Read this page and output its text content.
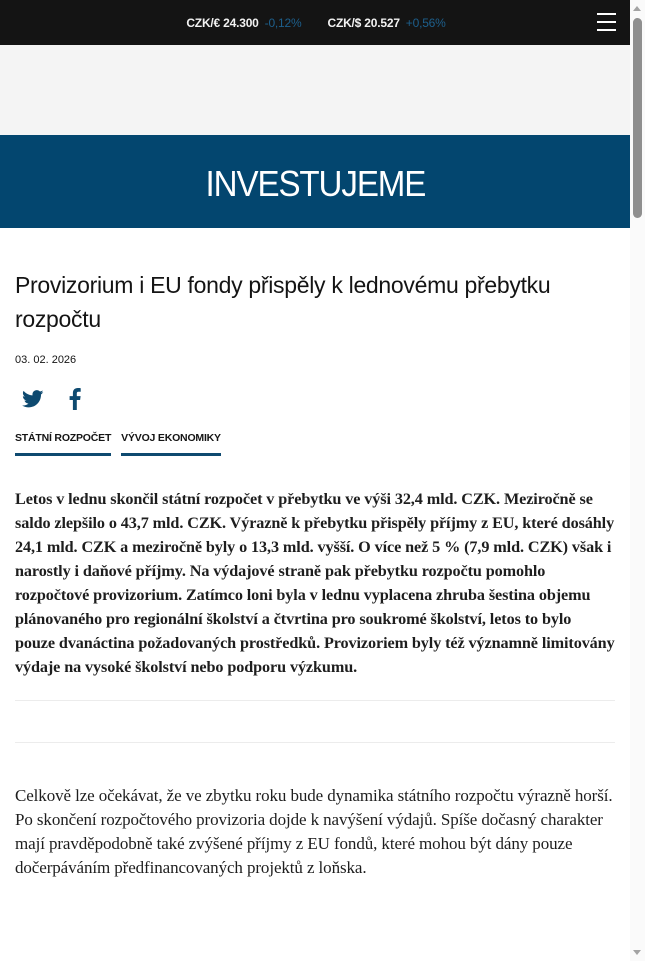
CZK/€ 24.300 -0,12% CZK/$ 20.527 +0,56%
INVESTUJEME
Provizorium i EU fondy přispěly k lednovému přebytku rozpočtu
03. 02. 2026
STÁTNÍ ROZPOČET VÝVOJ EKONOMIKY

Letos v lednu skončil státní rozpočet v přebytku ve výši 32,4 mld. CZK. Meziročně se saldo zlepšilo o 43,7 mld. CZK. Výrazně k přebytku přispěly příjmy z EU, které dosáhly 24,1 mld. CZK a meziročně byly o 13,3 mld. vyšší. O více než 5 % (7,9 mld. CZK) však i narostly i daňové příjmy. Na výdajové straně pak přebytku rozpočtu pomohlo rozpočtové provizorium. Zatímco loni byla v lednu vyplacena zhruba šestina objemu plánovaného pro regionální školství a čtvrtina pro soukromé školství, letos to bylo pouze dvanáctina požadovaných prostředků. Provizoriem byly též významně limitovány výdaje na vysoké školství nebo podporu výzkumu.

Celkově lze očekávat, že ve zbytku roku bude dynamika státního rozpočtu výrazně horší. Po skončení rozpočtového provizoria dojde k navýšení výdajů. Spíše dočasný charakter mají pravděpodobně také zvýšené příjmy z EU fondů, které mohou být dány pouze dočerpáváním předfinancovaných projektů z loňska.
